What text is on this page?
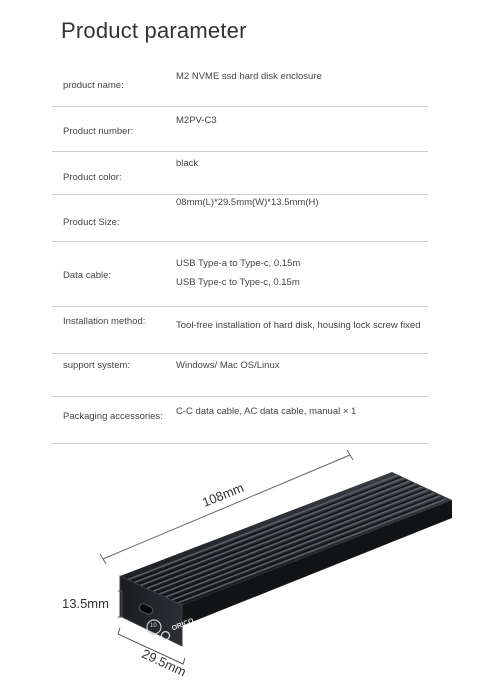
Product parameter
product name:
M2 NVME ssd hard disk enclosure
Product number:
M2PV-C3
Product color:
black
Product Size:
08mm(L)*29.5mm(W)*13.5mm(H)
Data cable:
USB Type-a to Type-c, 0.15m
USB Type-c to Type-c, 0.15m
Installation method:	Tool-free installation of hard disk, housing lock screw fixed
support system:	Windows/ Mac OS/Linux
Packaging accessories: C-C data cable, AC data cable, manual × 1
108mm
13.5mm
29.5mm
ORICO
10
